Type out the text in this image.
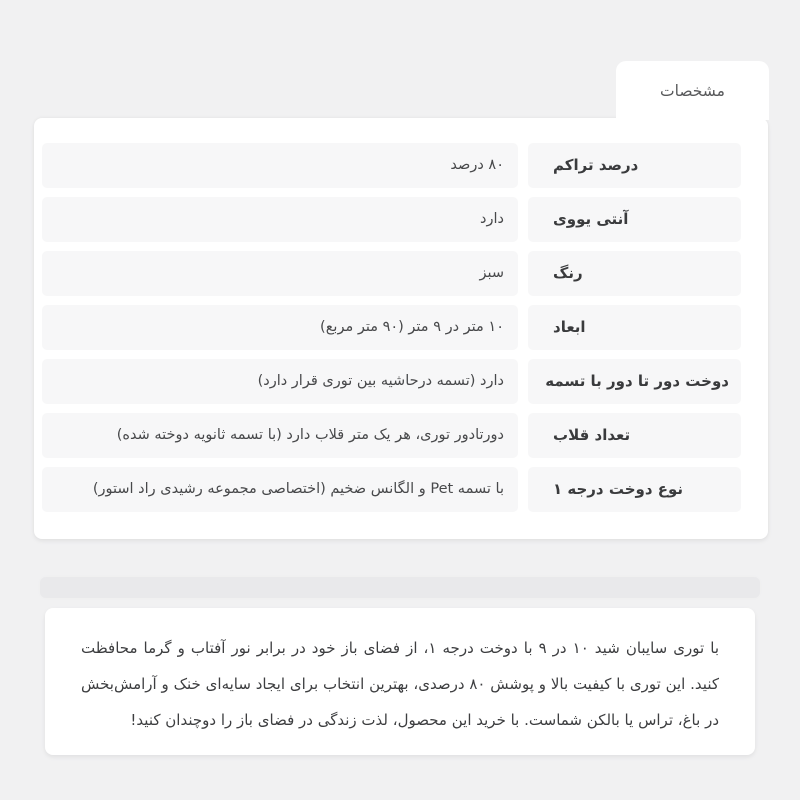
مشخصات
درصد تراکم
۸۰ درصد
آنتی یووی
دارد
رنگ
سبز
ابعاد
۱۰ متر در ۹ متر (۹۰ متر مربع)
دوخت دور تا دور با تسمه
دارد (تسمه درحاشیه بین توری قرار دارد)
تعداد قلاب
دورتادور توری، هر یک متر قلاب دارد (با تسمه ثانویه دوخته شده)
نوع دوخت درجه ۱
با تسمه Pet و الگانس ضخیم (اختصاصی مجموعه رشیدی راد استور)

با توری سایبان شید ۱۰ در ۹ با دوخت درجه ۱، از فضای باز خود در برابر نور آفتاب و گرما محافظت کنید. این توری با کیفیت بالا و پوشش ۸۰ درصدی، بهترین انتخاب برای ایجاد سایه‌ای خنک و آرامش‌بخش در باغ، تراس یا بالکن شماست. با خرید این محصول، لذت زندگی در فضای باز را دوچندان کنید!
